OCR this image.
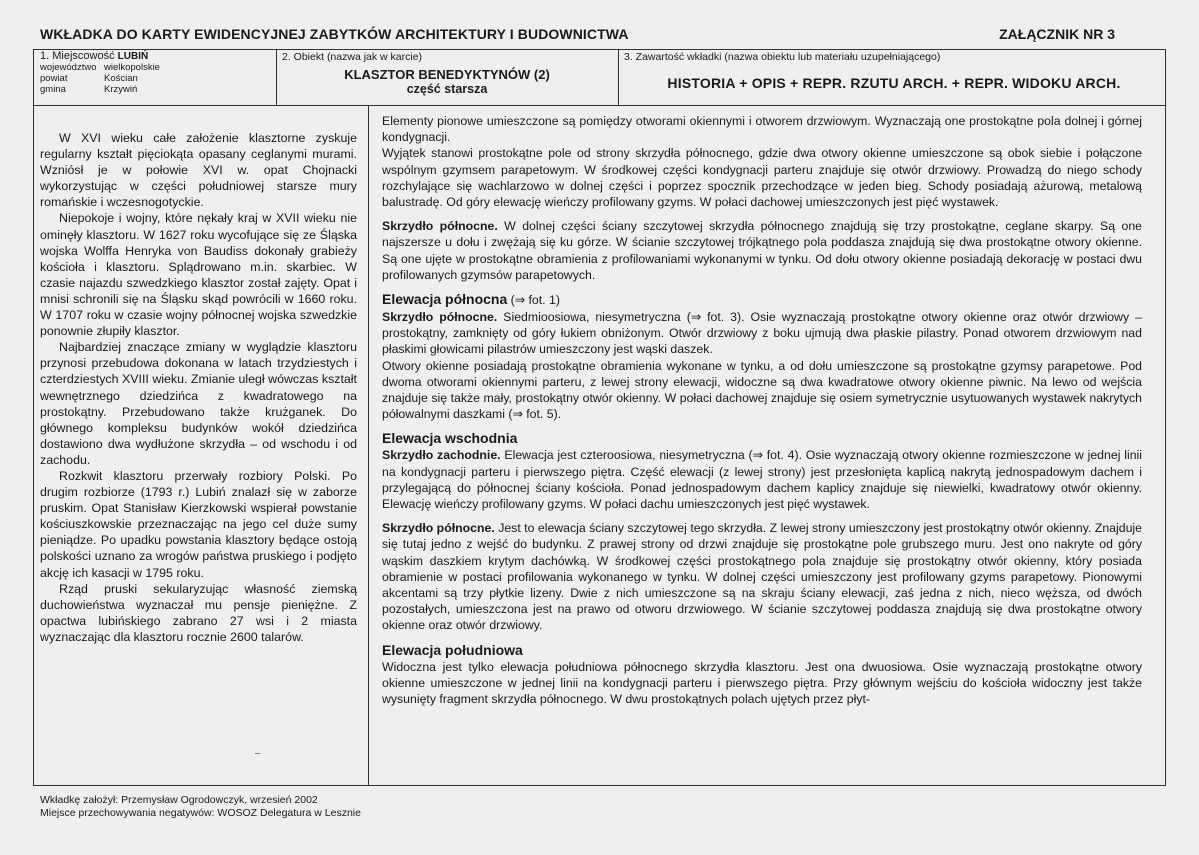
WKŁADKA DO KARTY EWIDENCYJNEJ ZABYTKÓW ARCHITEKTURY I BUDOWNICTWA	ZAŁĄCZNIK NR 3
1. Miejscowość LUBIŃ
województwo wielkopolskie
powiat	Kościan
gmina	Krzywiń
2. Obiekt (nazwa jak w karcie)
KLASZTOR BENEDYKTYNÓW (2)
część starsza
3. Zawartość wkładki (nazwa obiektu lub materiału uzupełniającego)
HISTORIA + OPIS + REPR. RZUTU ARCH. + REPR. WIDOKU ARCH.

W XVI wieku całe założenie klasztorne zyskuje regularny kształt pięciokąta opasany ceglanymi murami. Wzniósł je w połowie XVI w. opat Chojnacki wykorzystując w części południowej starsze mury romańskie i wczesnogotyckie.

Niepokoje i wojny, które nękały kraj w XVII wieku nie ominęły klasztoru. W 1627 roku wycofujące się ze Śląska wojska Wolffa Henryka von Baudiss dokonały grabieży kościoła i klasztoru. Splądrowano m.in. skarbiec. W czasie najazdu szwedzkiego klasztor został zajęty. Opat i mnisi schronili się na Śląsku skąd powrócili w 1660 roku. W 1707 roku w czasie wojny północnej wojska szwedzkie ponownie złupiły klasztor.

Najbardziej znaczące zmiany w wyglądzie klasztoru przynosi przebudowa dokonana w latach trzydziestych i czterdziestych XVIII wieku. Zmianie uległ wówczas kształt wewnętrznego dziedzińca z kwadratowego na prostokątny. Przebudowano także krużganek. Do głównego kompleksu budynków wokół dziedzińca dostawiono dwa wydłużone skrzydła – od wschodu i od zachodu.

Rozkwit klasztoru przerwały rozbiory Polski. Po drugim rozbiorze (1793 r.) Lubiń znalazł się w zaborze pruskim. Opat Stanisław Kierzkowski wspierał powstanie kościuszkowskie przeznaczając na jego cel duże sumy pieniądze. Po upadku powstania klasztory będące ostoją polskości uznano za wrogów państwa pruskiego i podjęto akcję ich kasacji w 1795 roku.

Rząd pruski sekularyzując własność ziemską duchowieństwa wyznaczał mu pensje pieniężne. Z opactwa lubińskiego zabrano 27 wsi i 2 miasta wyznaczając dla klasztoru rocznie 2600 talarów.

Elementy pionowe umieszczone są pomiędzy otworami okiennymi i otworem drzwiowym. Wyznaczają one prostokątne pola dolnej i górnej kondygnacji.

Wyjątek stanowi prostokątne pole od strony skrzydła północnego, gdzie dwa otwory okienne umieszczone są obok siebie i połączone wspólnym gzymsem parapetowym. W środkowej części kondygnacji parteru znajduje się otwór drzwiowy. Prowadzą do niego schody rozchylające się wachlarzowo w dolnej części i poprzez spocznik przechodzące w jeden bieg. Schody posiadają ażurową, metalową balustradę. Od góry elewację wieńczy profilowany gzyms. W połaci dachowej umieszczonych jest pięć wystawek.

Skrzydło północne. W dolnej części ściany szczytowej skrzydła północnego znajdują się trzy prostokątne, ceglane skarpy. Są one najszersze u dołu i zwężają się ku górze. W ścianie szczytowej trójkątnego pola poddasza znajdują się dwa prostokątne otwory okienne. Są one ujęte w prostokątne obramienia z profilowaniami wykonanymi w tynku. Od dołu otwory okienne posiadają dekorację w postaci dwu profilowanych gzymsów parapetowych.

Elewacja północna (⇒ fot. 1)

Skrzydło północne. Siedmioosiowa, niesymetryczna (⇒ fot. 3). Osie wyznaczają prostokątne otwory okienne oraz otwór drzwiowy – prostokątny, zamknięty od góry łukiem obniżonym. Otwór drzwiowy z boku ujmują dwa płaskie pilastry. Ponad otworem drzwiowym nad płaskimi głowicami pilastrów umieszczony jest wąski daszek.

Otwory okienne posiadają prostokątne obramienia wykonane w tynku, a od dołu umieszczone są prostokątne gzymsy parapetowe. Pod dwoma otworami okiennymi parteru, z lewej strony elewacji, widoczne są dwa kwadratowe otwory okienne piwnic. Na lewo od wejścia znajduje się także mały, prostokątny otwór okienny. W połaci dachowej znajduje się osiem symetrycznie usytuowanych wystawek nakrytych półowalnymi daszkami (⇒ fot. 5).

Elewacja wschodnia

Skrzydło zachodnie. Elewacja jest czteroosiowa, niesymetryczna (⇒ fot. 4). Osie wyznaczają otwory okienne rozmieszczone w jednej linii na kondygnacji parteru i pierwszego piętra. Część elewacji (z lewej strony) jest przesłonięta kaplicą nakrytą jednospadowym dachem i przylegającą do północnej ściany kościoła. Ponad jednospadowym dachem kaplicy znajduje się niewielki, kwadratowy otwór okienny. Elewację wieńczy profilowany gzyms. W połaci dachu umieszczonych jest pięć wystawek.

Skrzydło północne. Jest to elewacja ściany szczytowej tego skrzydła. Z lewej strony umieszczony jest prostokątny otwór okienny. Znajduje się tutaj jedno z wejść do budynku. Z prawej strony od drzwi znajduje się prostokątne pole grubszego muru. Jest ono nakryte od góry wąskim daszkiem krytym dachówką. W środkowej części prostokątnego pola znajduje się prostokątny otwór okienny, który posiada obramienie w postaci profilowania wykonanego w tynku. W dolnej części umieszczony jest profilowany gzyms parapetowy. Pionowymi akcentami są trzy płytkie lizeny. Dwie z nich umieszczone są na skraju ściany elewacji, zaś jedna z nich, nieco węższa, od dwóch pozostałych, umieszczona jest na prawo od otworu drzwiowego. W ścianie szczytowej poddasza znajdują się dwa prostokątne otwory okienne oraz otwór drzwiowy.

Elewacja południowa

Widoczna jest tylko elewacja południowa północnego skrzydła klasztoru. Jest ona dwuosiowa. Osie wyznaczają prostokątne otwory okienne umieszczone w jednej linii na kondygnacji parteru i pierwszego piętra. Przy głównym wejściu do kościoła widoczny jest także wysunięty fragment skrzydła północnego. W dwu prostokątnych polach ujętych przez płyt-

Wkładkę założył: Przemysław Ogrodowczyk, wrzesień 2002
Miejsce przechowywania negatywów: WOSOZ Delegatura w Lesznie
